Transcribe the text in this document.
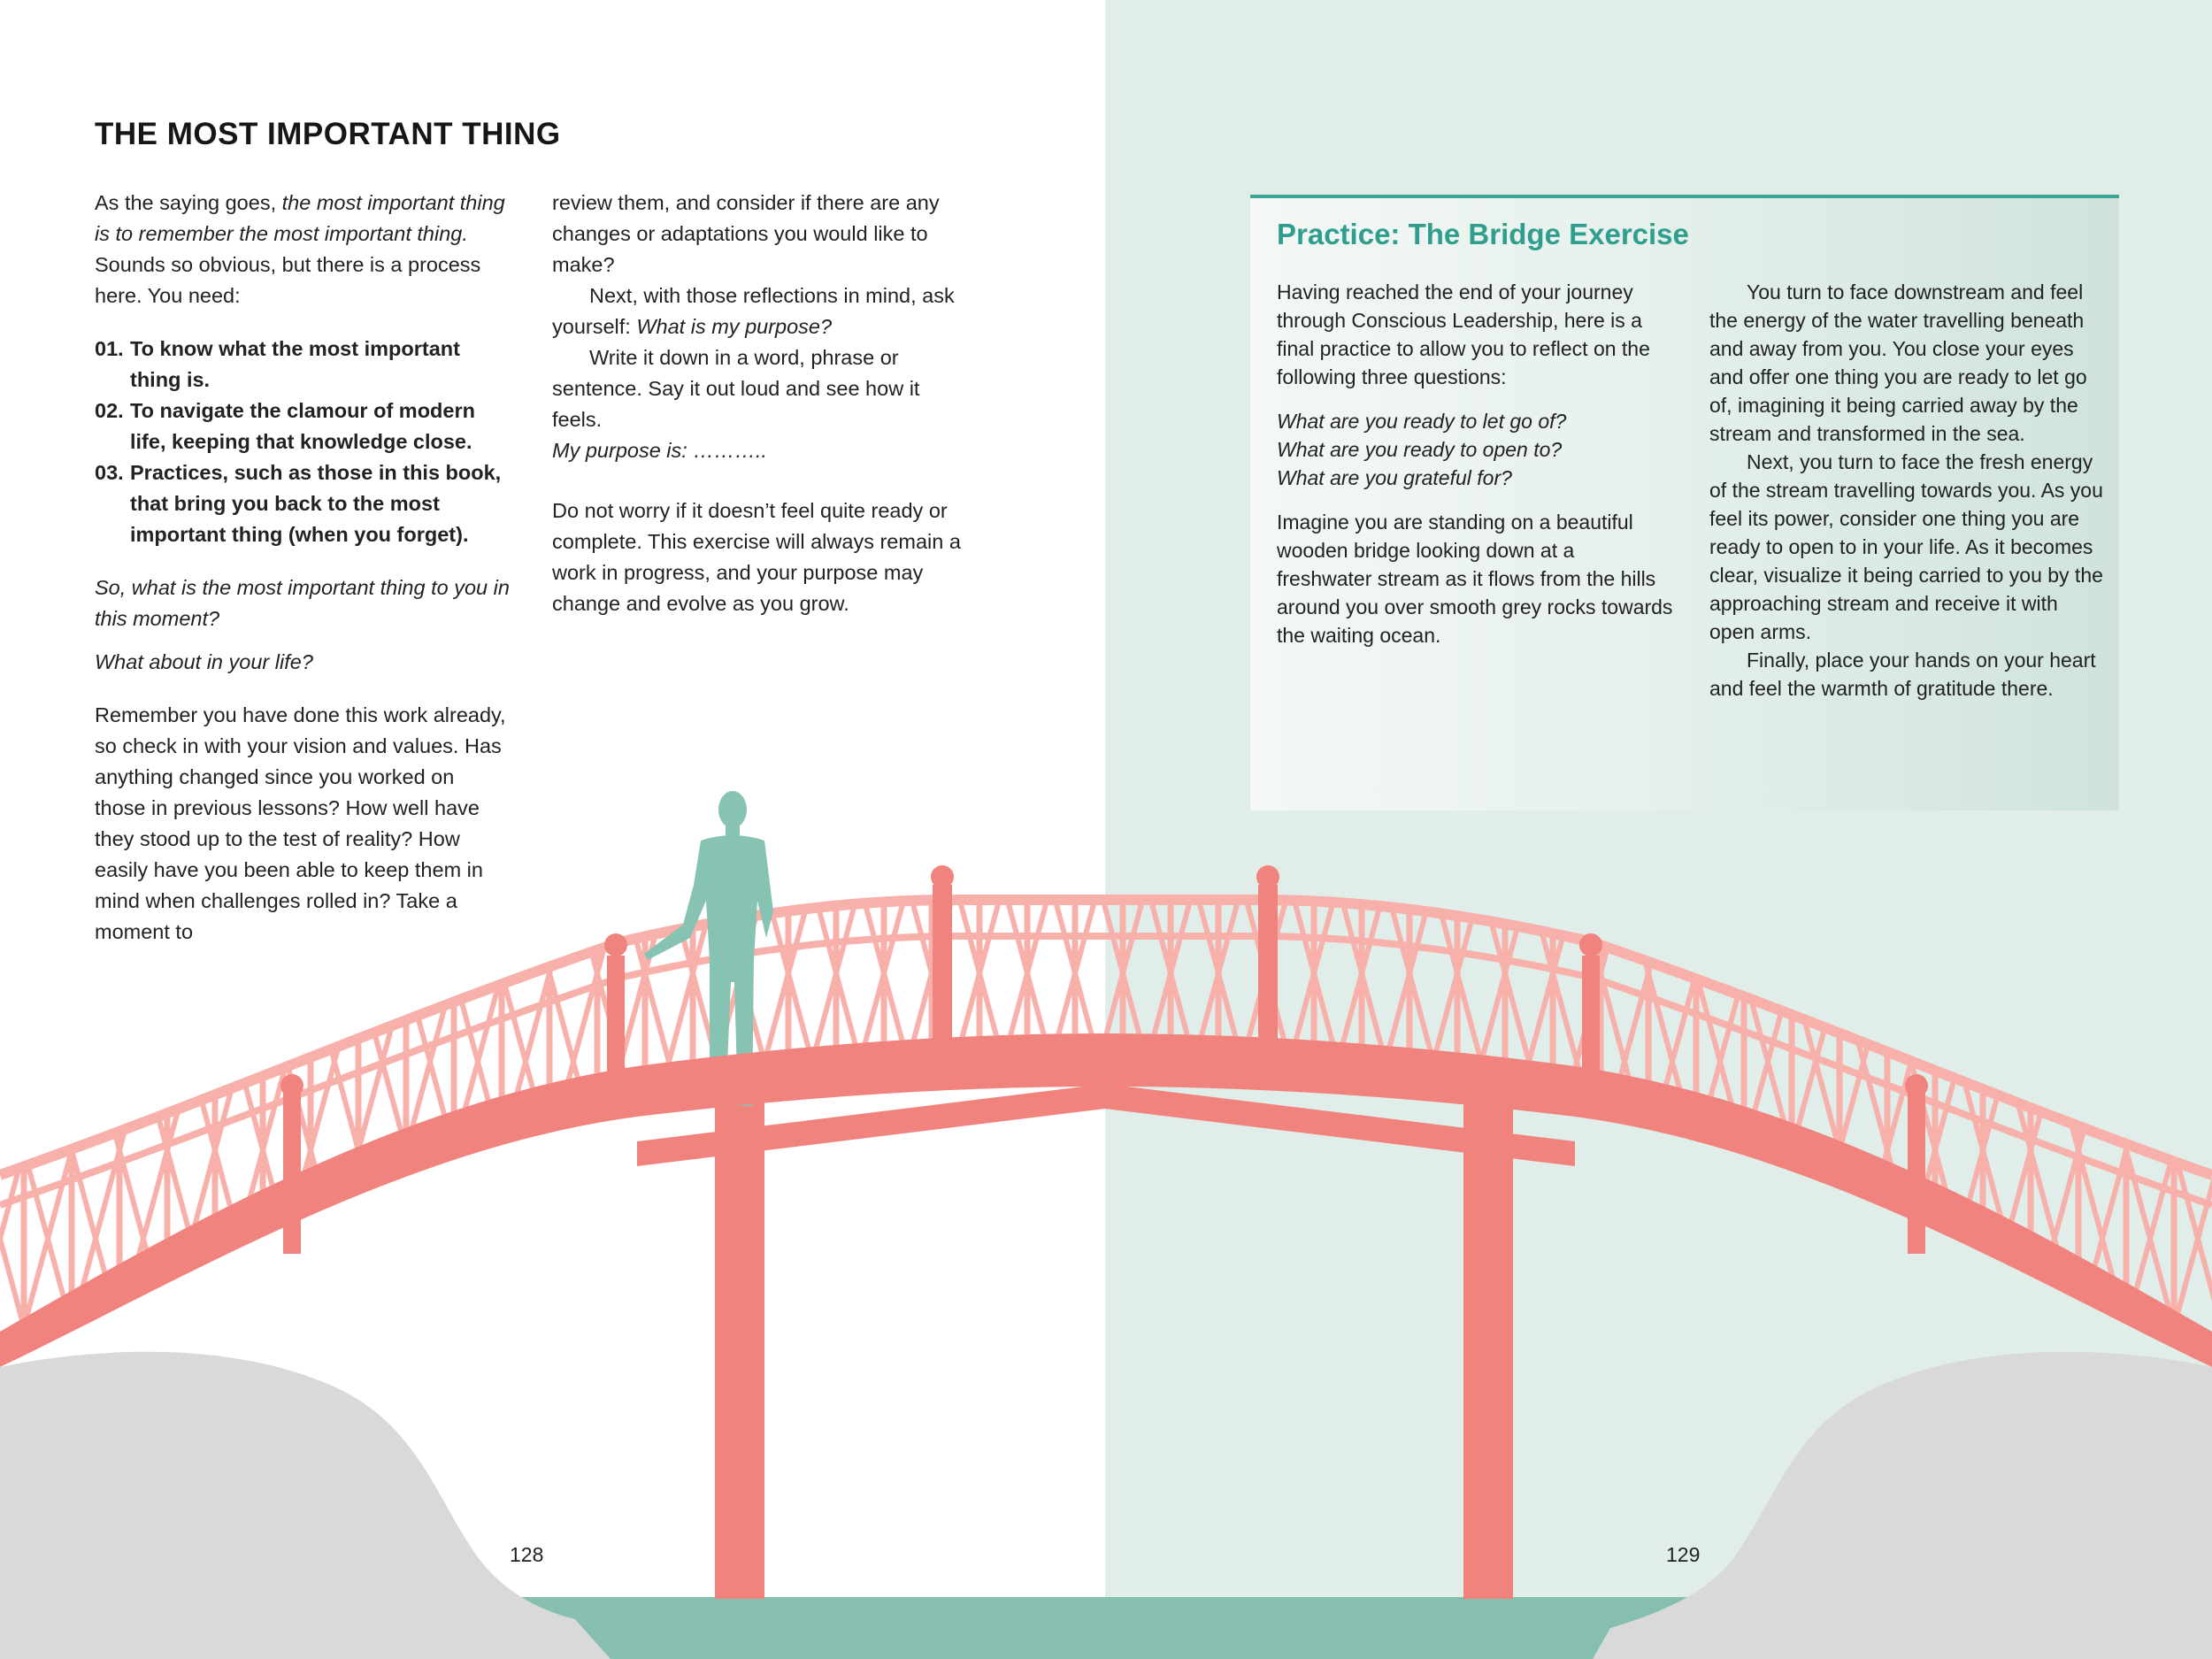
THE MOST IMPORTANT THING

As the saying goes, the most important thing is to remember the most important thing. Sounds so obvious, but there is a process here. You need:

01. To know what the most important thing is.
02. To navigate the clamour of modern life, keeping that knowledge close.
03. Practices, such as those in this book, that bring you back to the most important thing (when you forget).

So, what is the most important thing to you in this moment?

What about in your life?

Remember you have done this work already, so check in with your vision and values. Has anything changed since you worked on those in previous lessons? How well have they stood up to the test of reality? How easily have you been able to keep them in mind when challenges rolled in? Take a moment to

review them, and consider if there are any changes or adaptations you would like to make?

Next, with those reflections in mind, ask yourself: What is my purpose?

Write it down in a word, phrase or sentence. Say it out loud and see how it feels.

My purpose is: ………..

Do not worry if it doesn’t feel quite ready or complete. This exercise will always remain a work in progress, and your purpose may change and evolve as you grow.

128
Practice: The Bridge Exercise

Having reached the end of your journey through Conscious Leadership, here is a final practice to allow you to reflect on the following three questions:

What are you ready to let go of?

What are you ready to open to?

What are you grateful for?

Imagine you are standing on a beautiful wooden bridge looking down at a freshwater stream as it flows from the hills around you over smooth grey rocks towards the waiting ocean.

You turn to face downstream and feel the energy of the water travelling beneath and away from you. You close your eyes and offer one thing you are ready to let go of, imagining it being carried away by the stream and transformed in the sea.

Next, you turn to face the fresh energy of the stream travelling towards you. As you feel its power, consider one thing you are ready to open to in your life. As it becomes clear, visualize it being carried to you by the approaching stream and receive it with open arms.

Finally, place your hands on your heart and feel the warmth of gratitude there.

129
